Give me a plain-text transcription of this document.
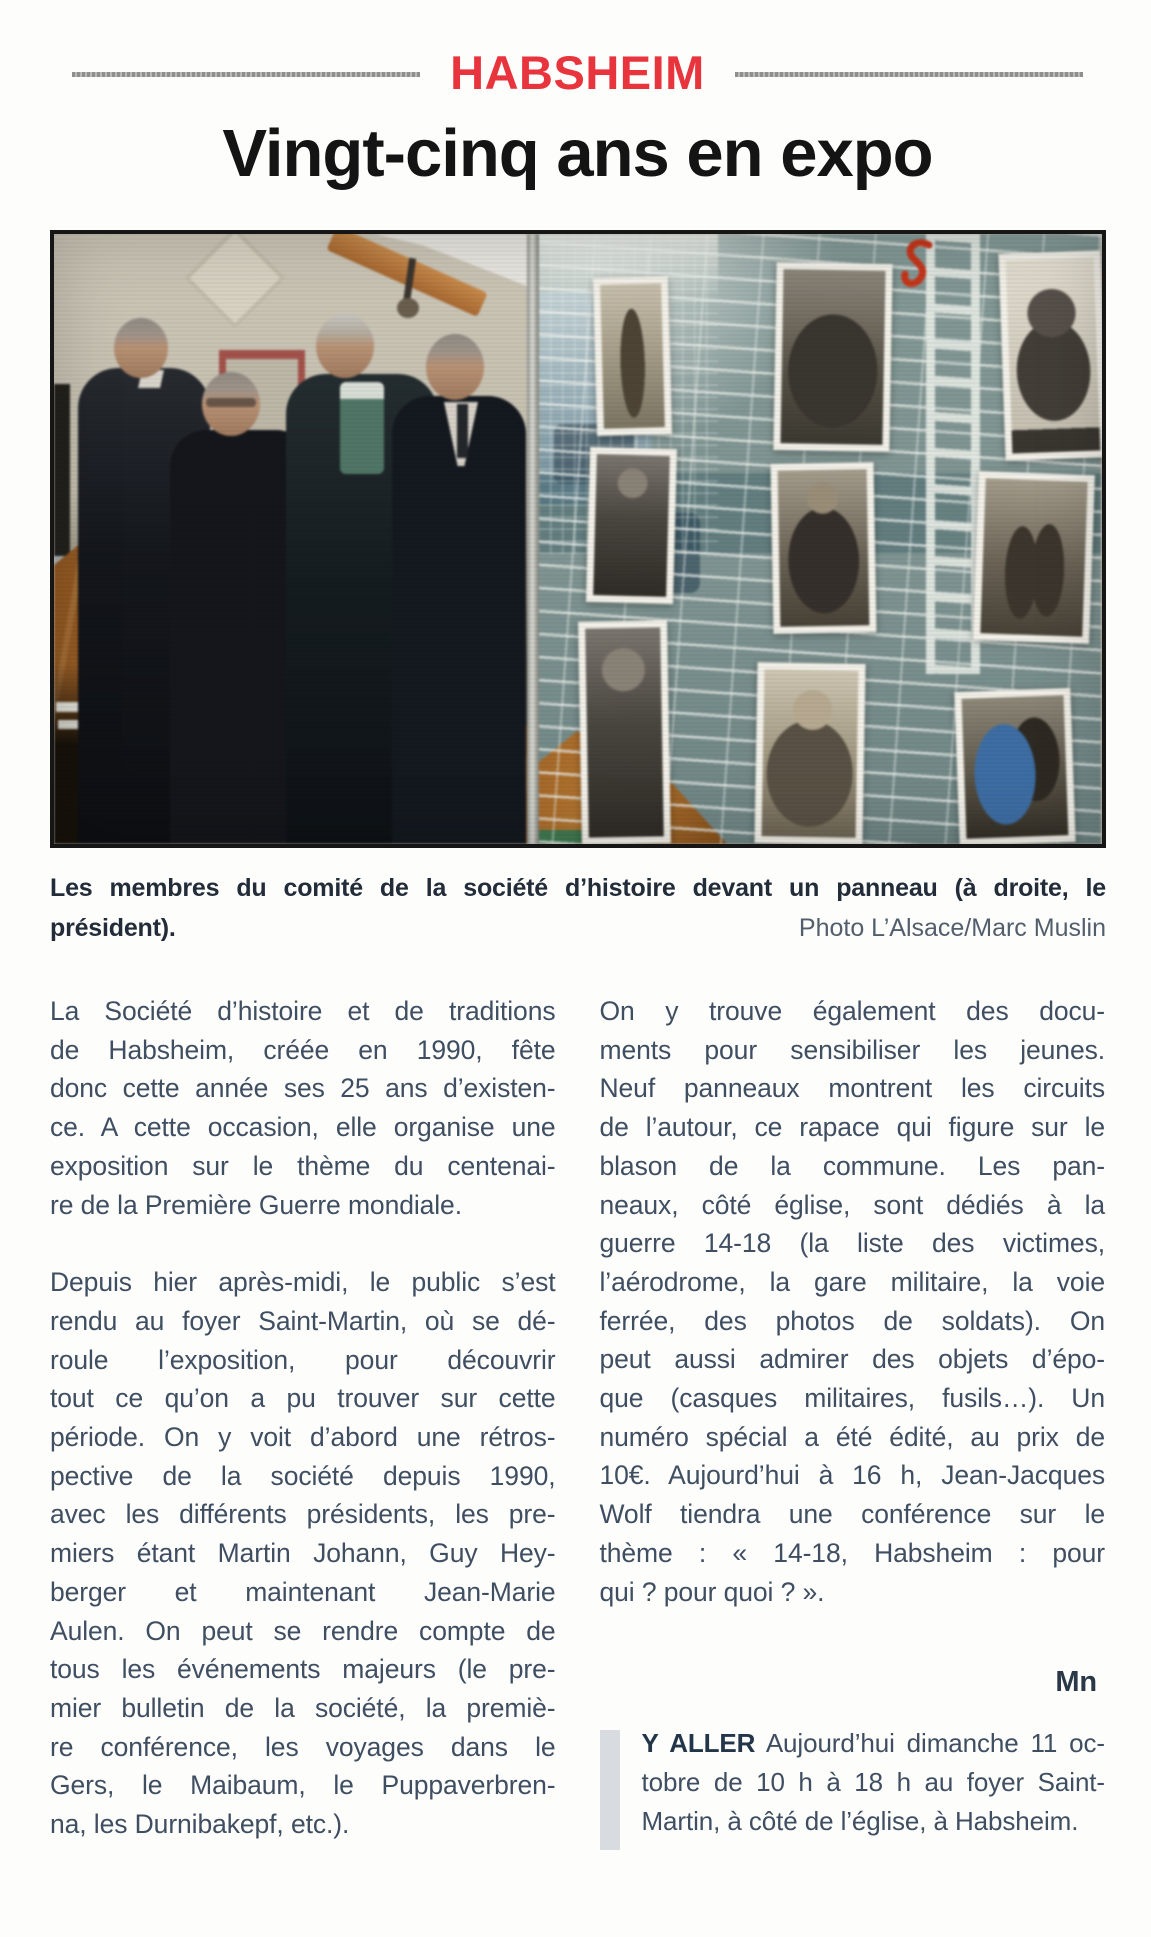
HABSHEIM
Vingt-cinq ans en expo
Les membres du comité de la société d’histoire devant un panneau (à droite, le
président).	Photo L’Alsace/Marc Muslin
La Société d’histoire et de traditions
de Habsheim, créée en 1990, fête
donc cette année ses 25 ans d’existen-
ce. A cette occasion, elle organise une
exposition sur le thème du centenai-
re de la Première Guerre mondiale.
Depuis hier après-midi, le public s’est
rendu au foyer Saint-Martin, où se dé-
roule l’exposition, pour découvrir
tout ce qu’on a pu trouver sur cette
période. On y voit d’abord une rétros-
pective de la société depuis 1990,
avec les différents présidents, les pre-
miers étant Martin Johann, Guy Hey-
berger et maintenant Jean-Marie
Aulen. On peut se rendre compte de
tous les événements majeurs (le pre-
mier bulletin de la société, la premiè-
re conférence, les voyages dans le
Gers, le Maibaum, le Puppaverbren-
na, les Durnibakepf, etc.).
On y trouve également des docu-
ments pour sensibiliser les jeunes.
Neuf panneaux montrent les circuits
de l’autour, ce rapace qui figure sur le
blason de la commune. Les pan-
neaux, côté église, sont dédiés à la
guerre 14-18 (la liste des victimes,
l’aérodrome, la gare militaire, la voie
ferrée, des photos de soldats). On
peut aussi admirer des objets d’épo-
que (casques militaires, fusils…). Un
numéro spécial a été édité, au prix de
10€. Aujourd’hui à 16 h, Jean-Jacques
Wolf tiendra une conférence sur le
thème : « 14-18, Habsheim : pour
qui ? pour quoi ? ».
Mn
Y ALLER Aujourd’hui dimanche 11 oc-
tobre de 10 h à 18 h au foyer Saint-
Martin, à côté de l’église, à Habsheim.
